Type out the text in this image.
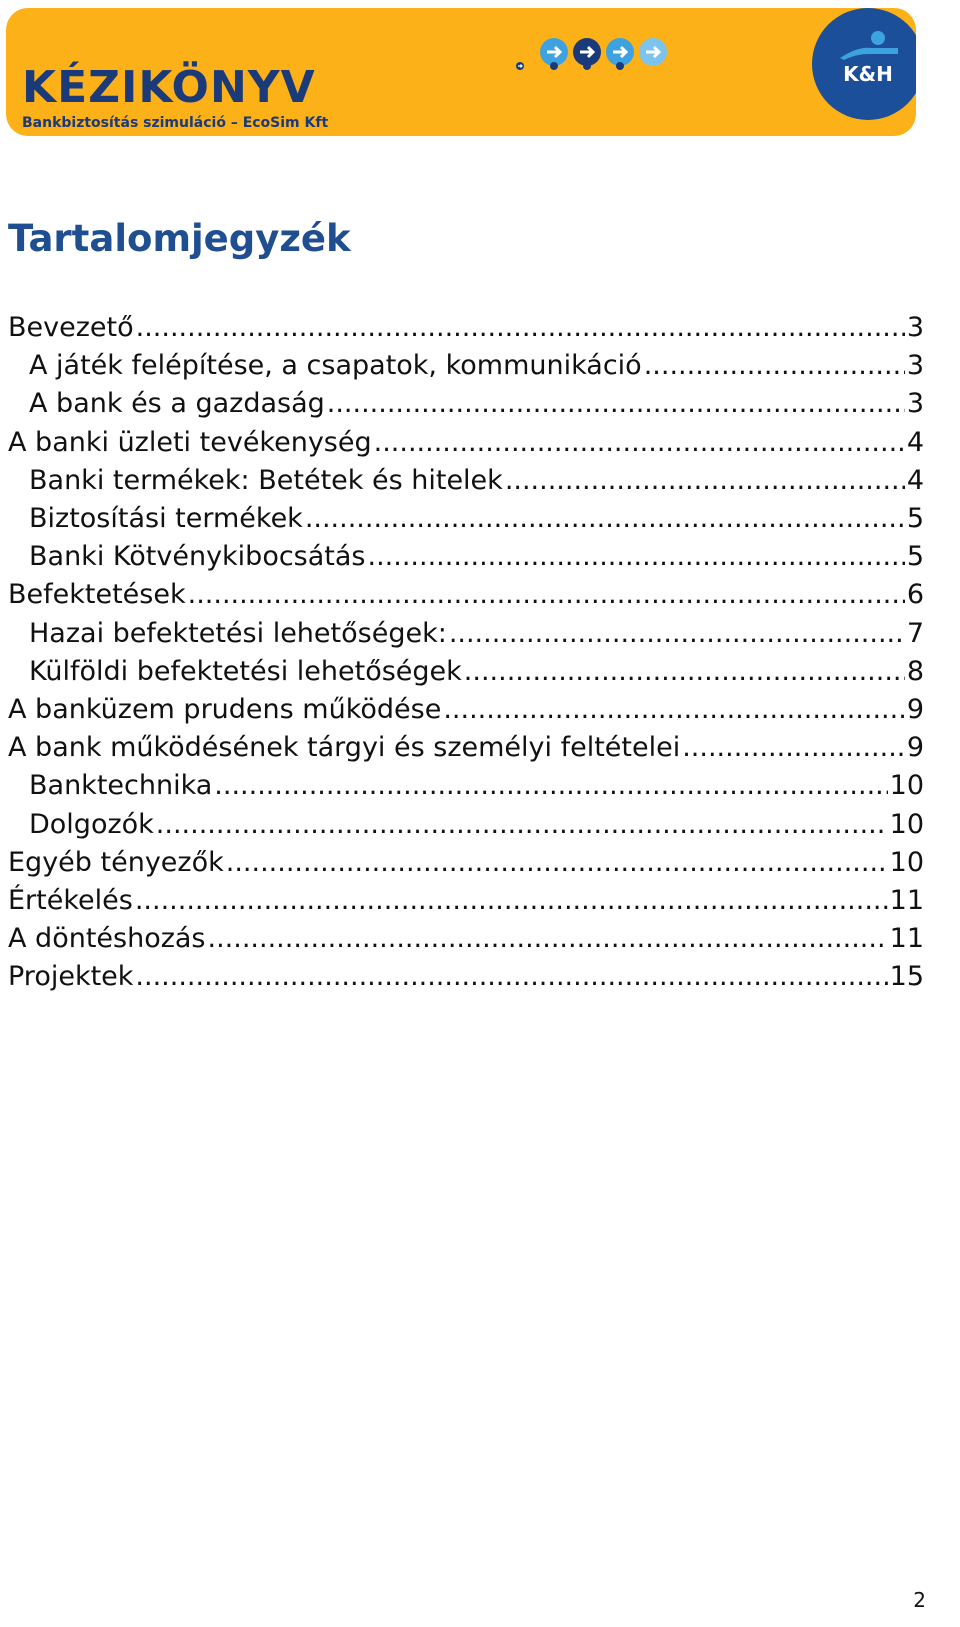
KÉZIKÖNYV
Bankbiztosítás szimuláció – EcoSim Kft
K&H
Tartalomjegyzék
Bevezető .....	3
A játék felépítése, a csapatok, kommunikáció .....	3
A bank és a gazdaság .....	3
A banki üzleti tevékenység .....	4
Banki termékek: Betétek és hitelek .....	4
Biztosítási termékek .....	5
Banki Kötvénykibocsátás .....	5
Befektetések .....	6
Hazai befektetési lehetőségek: .....	7
Külföldi befektetési lehetőségek .....	8
A banküzem prudens működése .....	9
A bank működésének tárgyi és személyi feltételei .....	9
Banktechnika .....	10
Dolgozók .....	10
Egyéb tényezők .....	10
Értékelés .....	11
A döntéshozás .....	11
Projektek .....	15
2
